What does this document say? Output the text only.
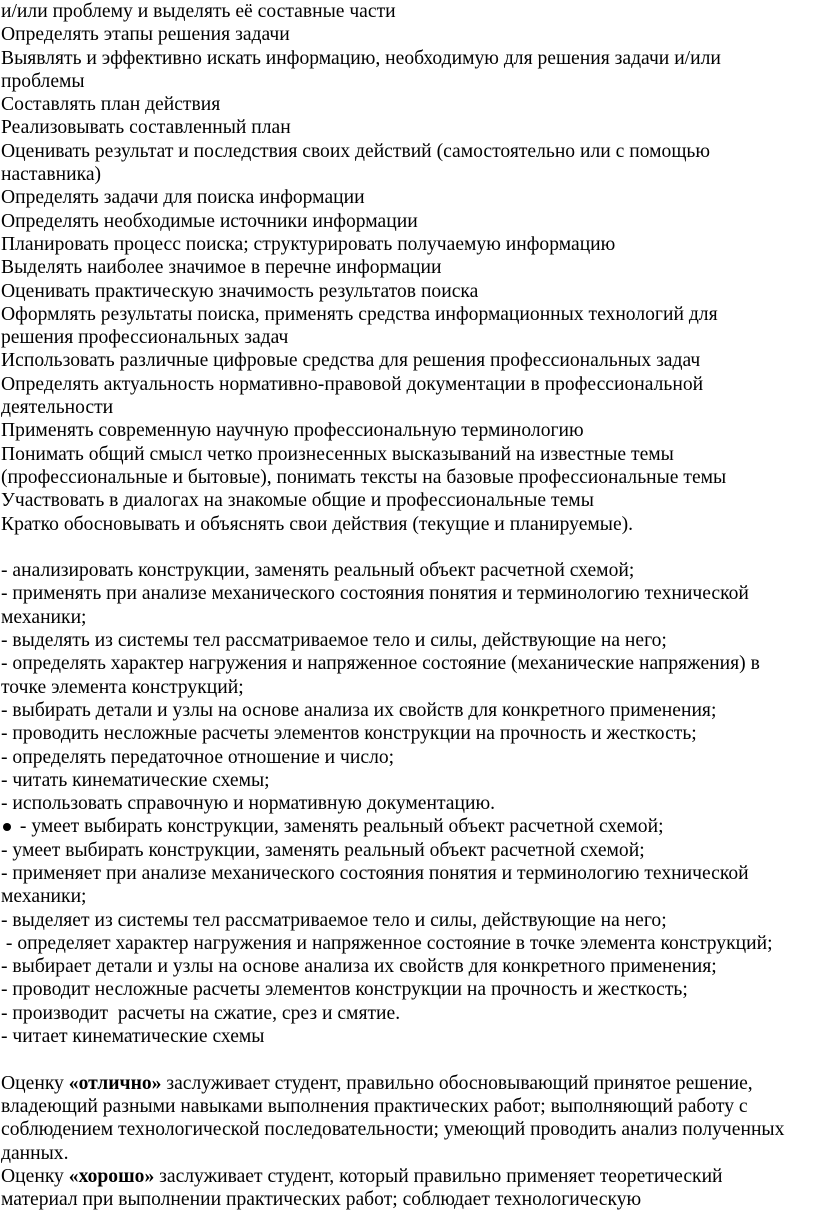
и/или проблему и выделять её составные части
Определять этапы решения задачи
Выявлять и эффективно искать информацию, необходимую для решения задачи и/или проблемы
Составлять план действия
Реализовывать составленный план
Оценивать результат и последствия своих действий (самостоятельно или с помощью наставника)
Определять задачи для поиска информации
Определять необходимые источники информации
Планировать процесс поиска; структурировать получаемую информацию
Выделять наиболее значимое в перечне информации
Оценивать практическую значимость результатов поиска
Оформлять результаты поиска, применять средства информационных технологий для решения профессиональных задач
Использовать различные цифровые средства для решения профессиональных задач
Определять актуальность нормативно-правовой документации в профессиональной деятельности
Применять современную научную профессиональную терминологию
Понимать общий смысл четко произнесенных высказываний на известные темы (профессиональные и бытовые), понимать тексты на базовые профессиональные темы
Участвовать в диалогах на знакомые общие и профессиональные темы
Кратко обосновывать и объяснять свои действия (текущие и планируемые).
- анализировать конструкции, заменять реальный объект расчетной схемой;
- применять при анализе механического состояния понятия и терминологию технической механики;
- выделять из системы тел рассматриваемое тело и силы, действующие на него;
- определять характер нагружения и напряженное состояние (механические напряжения) в точке элемента конструкций;
- выбирать детали и узлы на основе анализа их свойств для конкретного применения;
- проводить несложные расчеты элементов конструкции на прочность и жесткость;
- определять передаточное отношение и число;
- читать кинематические схемы;
- использовать справочную и нормативную документацию.
- умеет выбирать конструкции, заменять реальный объект расчетной схемой;
- умеет выбирать конструкции, заменять реальный объект расчетной схемой;
- применяет при анализе механического состояния понятия и терминологию технической механики;
- выделяет из системы тел рассматриваемое тело и силы, действующие на него;
- определяет характер нагружения и напряженное состояние в точке элемента конструкций;
- выбирает детали и узлы на основе анализа их свойств для конкретного применения;
- проводит несложные расчеты элементов конструкции на прочность и жесткость;
- производит  расчеты на сжатие, срез и смятие.
- читает кинематические схемы

Оценку «отлично» заслуживает студент, правильно обосновывающий принятое решение, владеющий разными навыками выполнения практических работ; выполняющий работу с соблюдением технологической последовательности; умеющий проводить анализ полученных данных.

Оценку «хорошо» заслуживает студент, который правильно применяет теоретический материал при выполнении практических работ; соблюдает технологическую
